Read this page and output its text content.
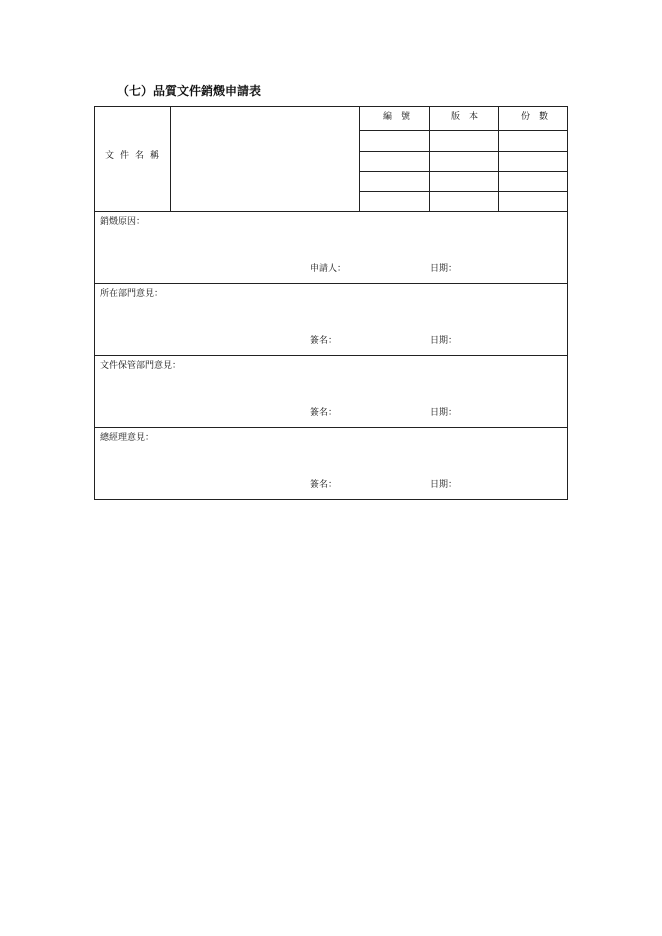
（七）品質文件銷燬申請表
文件名稱
編號	版本	份數
銷燬原因：
申請人：	日期：
所在部門意見：
簽名：	日期：
文件保管部門意見：
簽名：	日期：
總經理意見：
簽名：	日期：
